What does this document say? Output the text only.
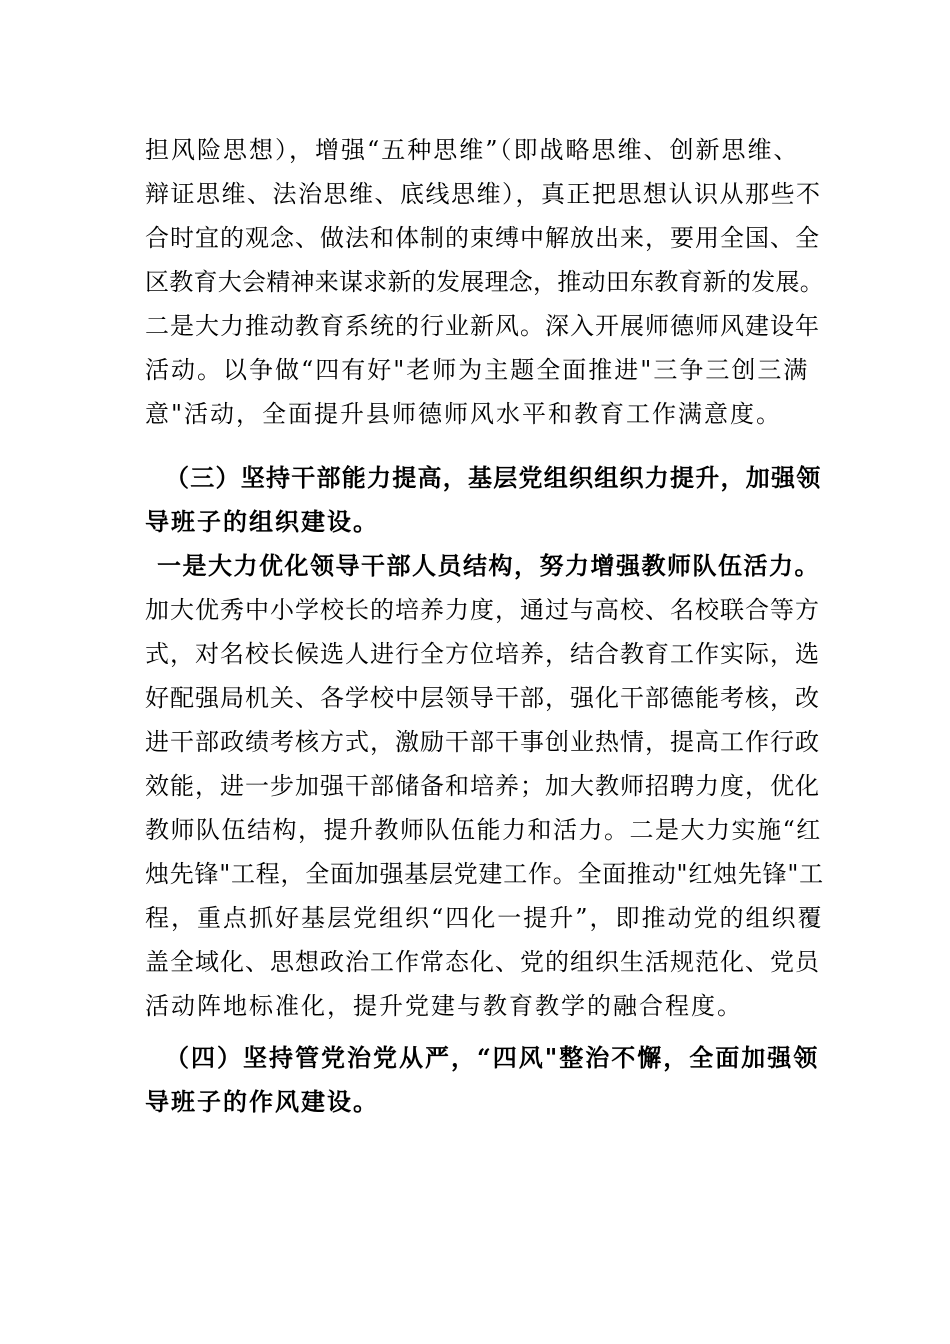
担风险思想），增强“五种思维”（即战略思维、创新思维、
辩证思维、法治思维、底线思维），真正把思想认识从那些不
合时宜的观念、做法和体制的束缚中解放出来，要用全国、全
区教育大会精神来谋求新的发展理念，推动田东教育新的发展。
二是大力推动教育系统的行业新风。深入开展师德师风建设年
活动。以争做“四有好"老师为主题全面推进"三争三创三满
意"活动，全面提升县师德师风水平和教育工作满意度。
（三）坚持干部能力提高，基层党组织组织力提升，加强领
导班子的组织建设。
一是大力优化领导干部人员结构，努力增强教师队伍活力。
加大优秀中小学校长的培养力度，通过与高校、名校联合等方
式，对名校长候选人进行全方位培养，结合教育工作实际，选
好配强局机关、各学校中层领导干部，强化干部德能考核，改
进干部政绩考核方式，激励干部干事创业热情，提高工作行政
效能，进一步加强干部储备和培养；加大教师招聘力度，优化
教师队伍结构，提升教师队伍能力和活力。二是大力实施“红
烛先锋"工程，全面加强基层党建工作。全面推动"红烛先锋"工
程，重点抓好基层党组织“四化一提升”，即推动党的组织覆
盖全域化、思想政治工作常态化、党的组织生活规范化、党员
活动阵地标准化，提升党建与教育教学的融合程度。
（四）坚持管党治党从严，“四风"整治不懈，全面加强领
导班子的作风建设。
